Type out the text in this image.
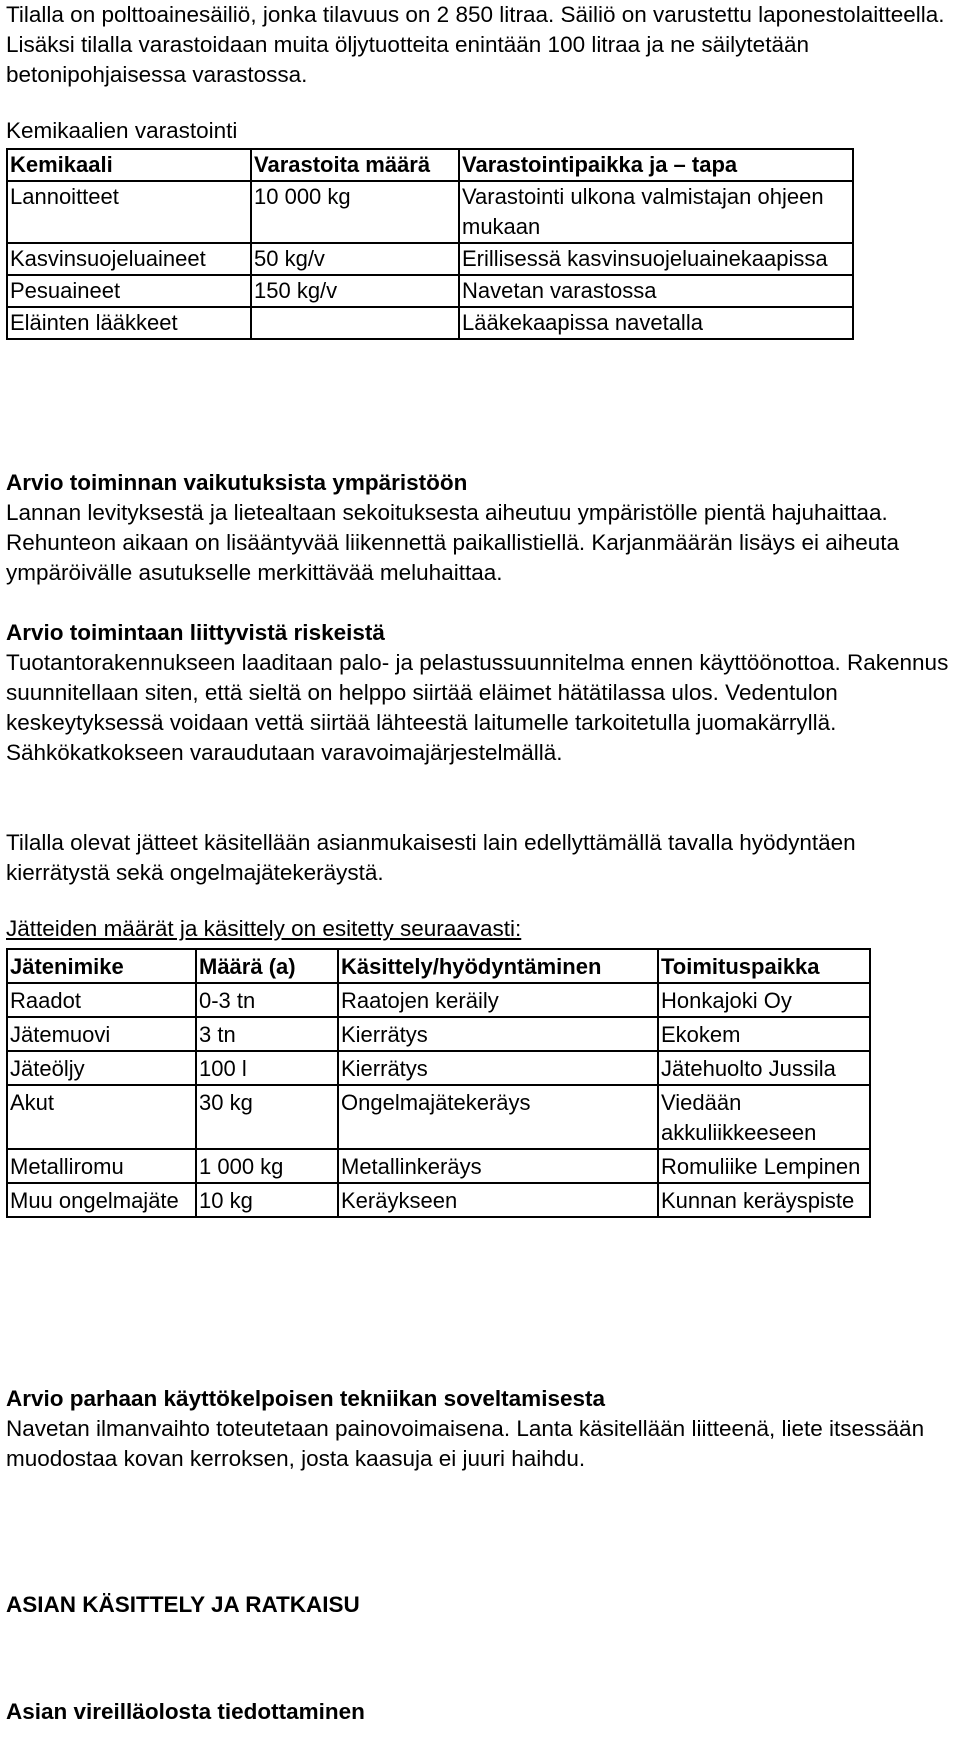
Tilalla on polttoainesäiliö, jonka tilavuus on 2 850 litraa. Säiliö on varustettu laponestolaitteella. Lisäksi tilalla varastoidaan muita öljytuotteita enintään 100 litraa ja ne säilytetään betonipohjaisessa varastossa.

Kemikaalien varastointi
Kemikaali	Varastoita määrä	Varastointipaikka ja – tapa
Lannoitteet	10 000 kg	Varastointi ulkona valmistajan ohjeen mukaan
Kasvinsuojeluaineet	50 kg/v	Erillisessä kasvinsuojeluainekaapissa
Pesuaineet	150 kg/v	Navetan varastossa
Eläinten lääkkeet		Lääkekaapissa navetalla
Arvio toiminnan vaikutuksista ympäristöön

Lannan levityksestä ja lietealtaan sekoituksesta aiheutuu ympäristölle pientä hajuhaittaa. Rehunteon aikaan on lisääntyvää liikennettä paikallistiellä. Karjanmäärän lisäys ei aiheuta ympäröivälle asutukselle merkittävää meluhaittaa.

Arvio toimintaan liittyvistä riskeistä

Tuotantorakennukseen laaditaan palo- ja pelastussuunnitelma ennen käyttöönottoa. Rakennus suunnitellaan siten, että sieltä on helppo siirtää eläimet hätätilassa ulos. Vedentulon keskeytyksessä voidaan vettä siirtää lähteestä laitumelle tarkoitetulla juomakärryllä. Sähkökatkokseen varaudutaan varavoimajärjestelmällä.

Tilalla olevat jätteet käsitellään asianmukaisesti lain edellyttämällä tavalla hyödyntäen kierrätystä sekä ongelmajätekeräystä.

Jätteiden määrät ja käsittely on esitetty seuraavasti:
Jätenimike	Määrä (a)	Käsittely/hyödyntäminen	Toimituspaikka
Raadot	0-3 tn	Raatojen keräily	Honkajoki Oy
Jätemuovi	3 tn	Kierrätys	Ekokem
Jäteöljy	100 l	Kierrätys	Jätehuolto Jussila
Akut	30 kg	Ongelmajätekeräys	Viedään akkuliikkeeseen
Metalliromu	1 000 kg	Metallinkeräys	Romuliike Lempinen
Muu ongelmajäte	10 kg	Keräykseen	Kunnan keräyspiste
Arvio parhaan käyttökelpoisen tekniikan soveltamisesta

Navetan ilmanvaihto toteutetaan painovoimaisena. Lanta käsitellään liitteenä, liete itsessään muodostaa kovan kerroksen, josta kaasuja ei juuri haihdu.

ASIAN KÄSITTELY JA RATKAISU
Asian vireilläolosta tiedottaminen
